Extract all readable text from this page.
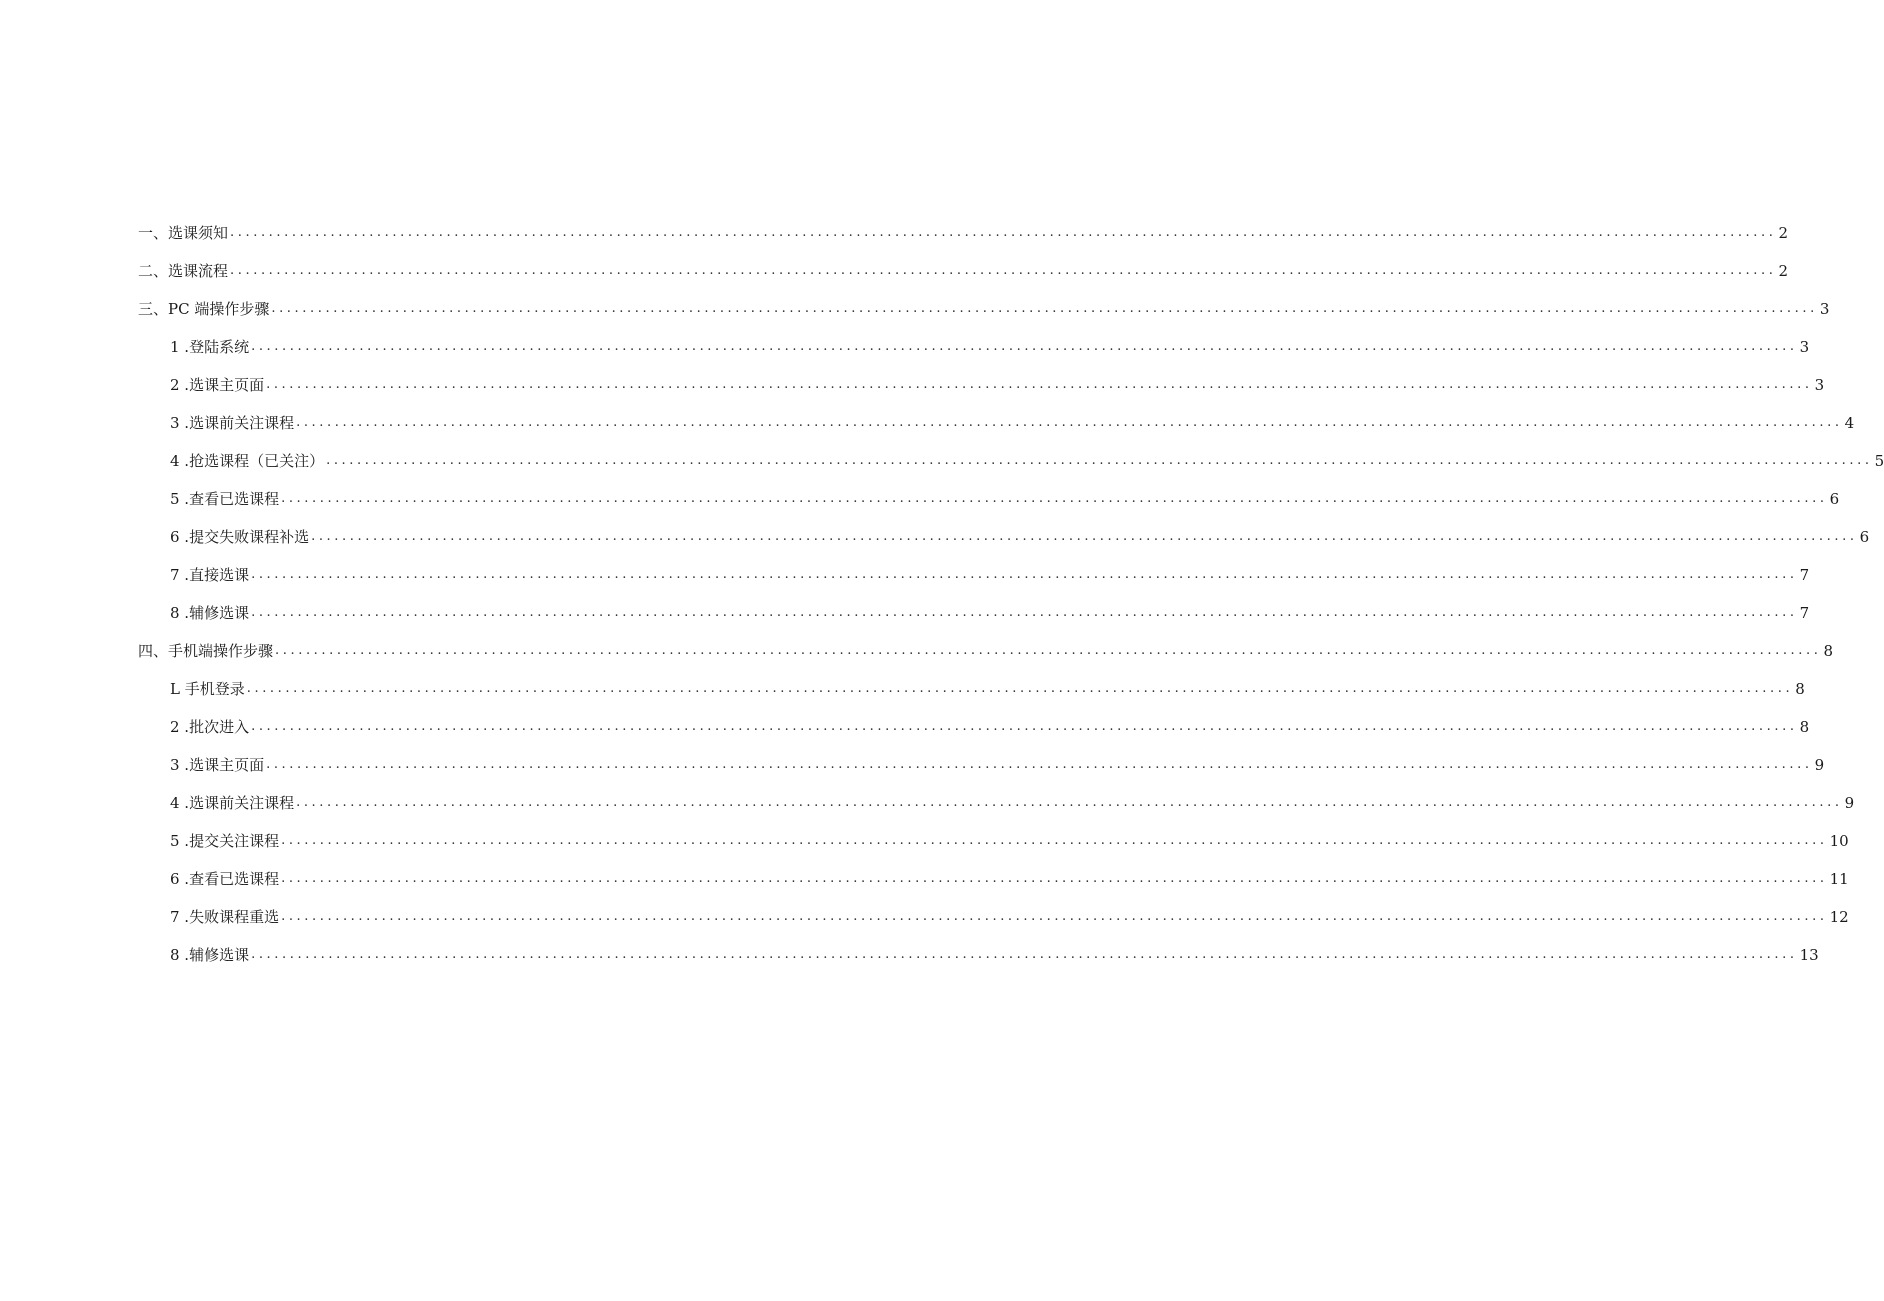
一、选课须知 ........................................................................................................................................................................................................ 2
二、选课流程 ........................................................................................................................................................................................................ 2
三、PC 端操作步骤 ........................................................................................................................................................................................................ 3
1 .登陆系统 ........................................................................................................................................................................................................ 3
2 .选课主页面 ........................................................................................................................................................................................................ 3
3 .选课前关注课程 ........................................................................................................................................................................................................ 4
4 .抢选课程（已关注） ........................................................................................................................................................................................................ 5
5 .查看已选课程 ........................................................................................................................................................................................................ 6
6 .提交失败课程补选 ........................................................................................................................................................................................................ 6
7 .直接选课 ........................................................................................................................................................................................................ 7
8 .辅修选课 ........................................................................................................................................................................................................ 7
四、手机端操作步骤 ........................................................................................................................................................................................................ 8
L 手机登录 ........................................................................................................................................................................................................ 8
2 .批次进入 ........................................................................................................................................................................................................ 8
3 .选课主页面 ........................................................................................................................................................................................................ 9
4 .选课前关注课程 ........................................................................................................................................................................................................ 9
5 .提交关注课程 ........................................................................................................................................................................................................ 10
6 .查看已选课程 ........................................................................................................................................................................................................ 11
7 .失败课程重选 ........................................................................................................................................................................................................ 12
8 .辅修选课 ........................................................................................................................................................................................................ 13
